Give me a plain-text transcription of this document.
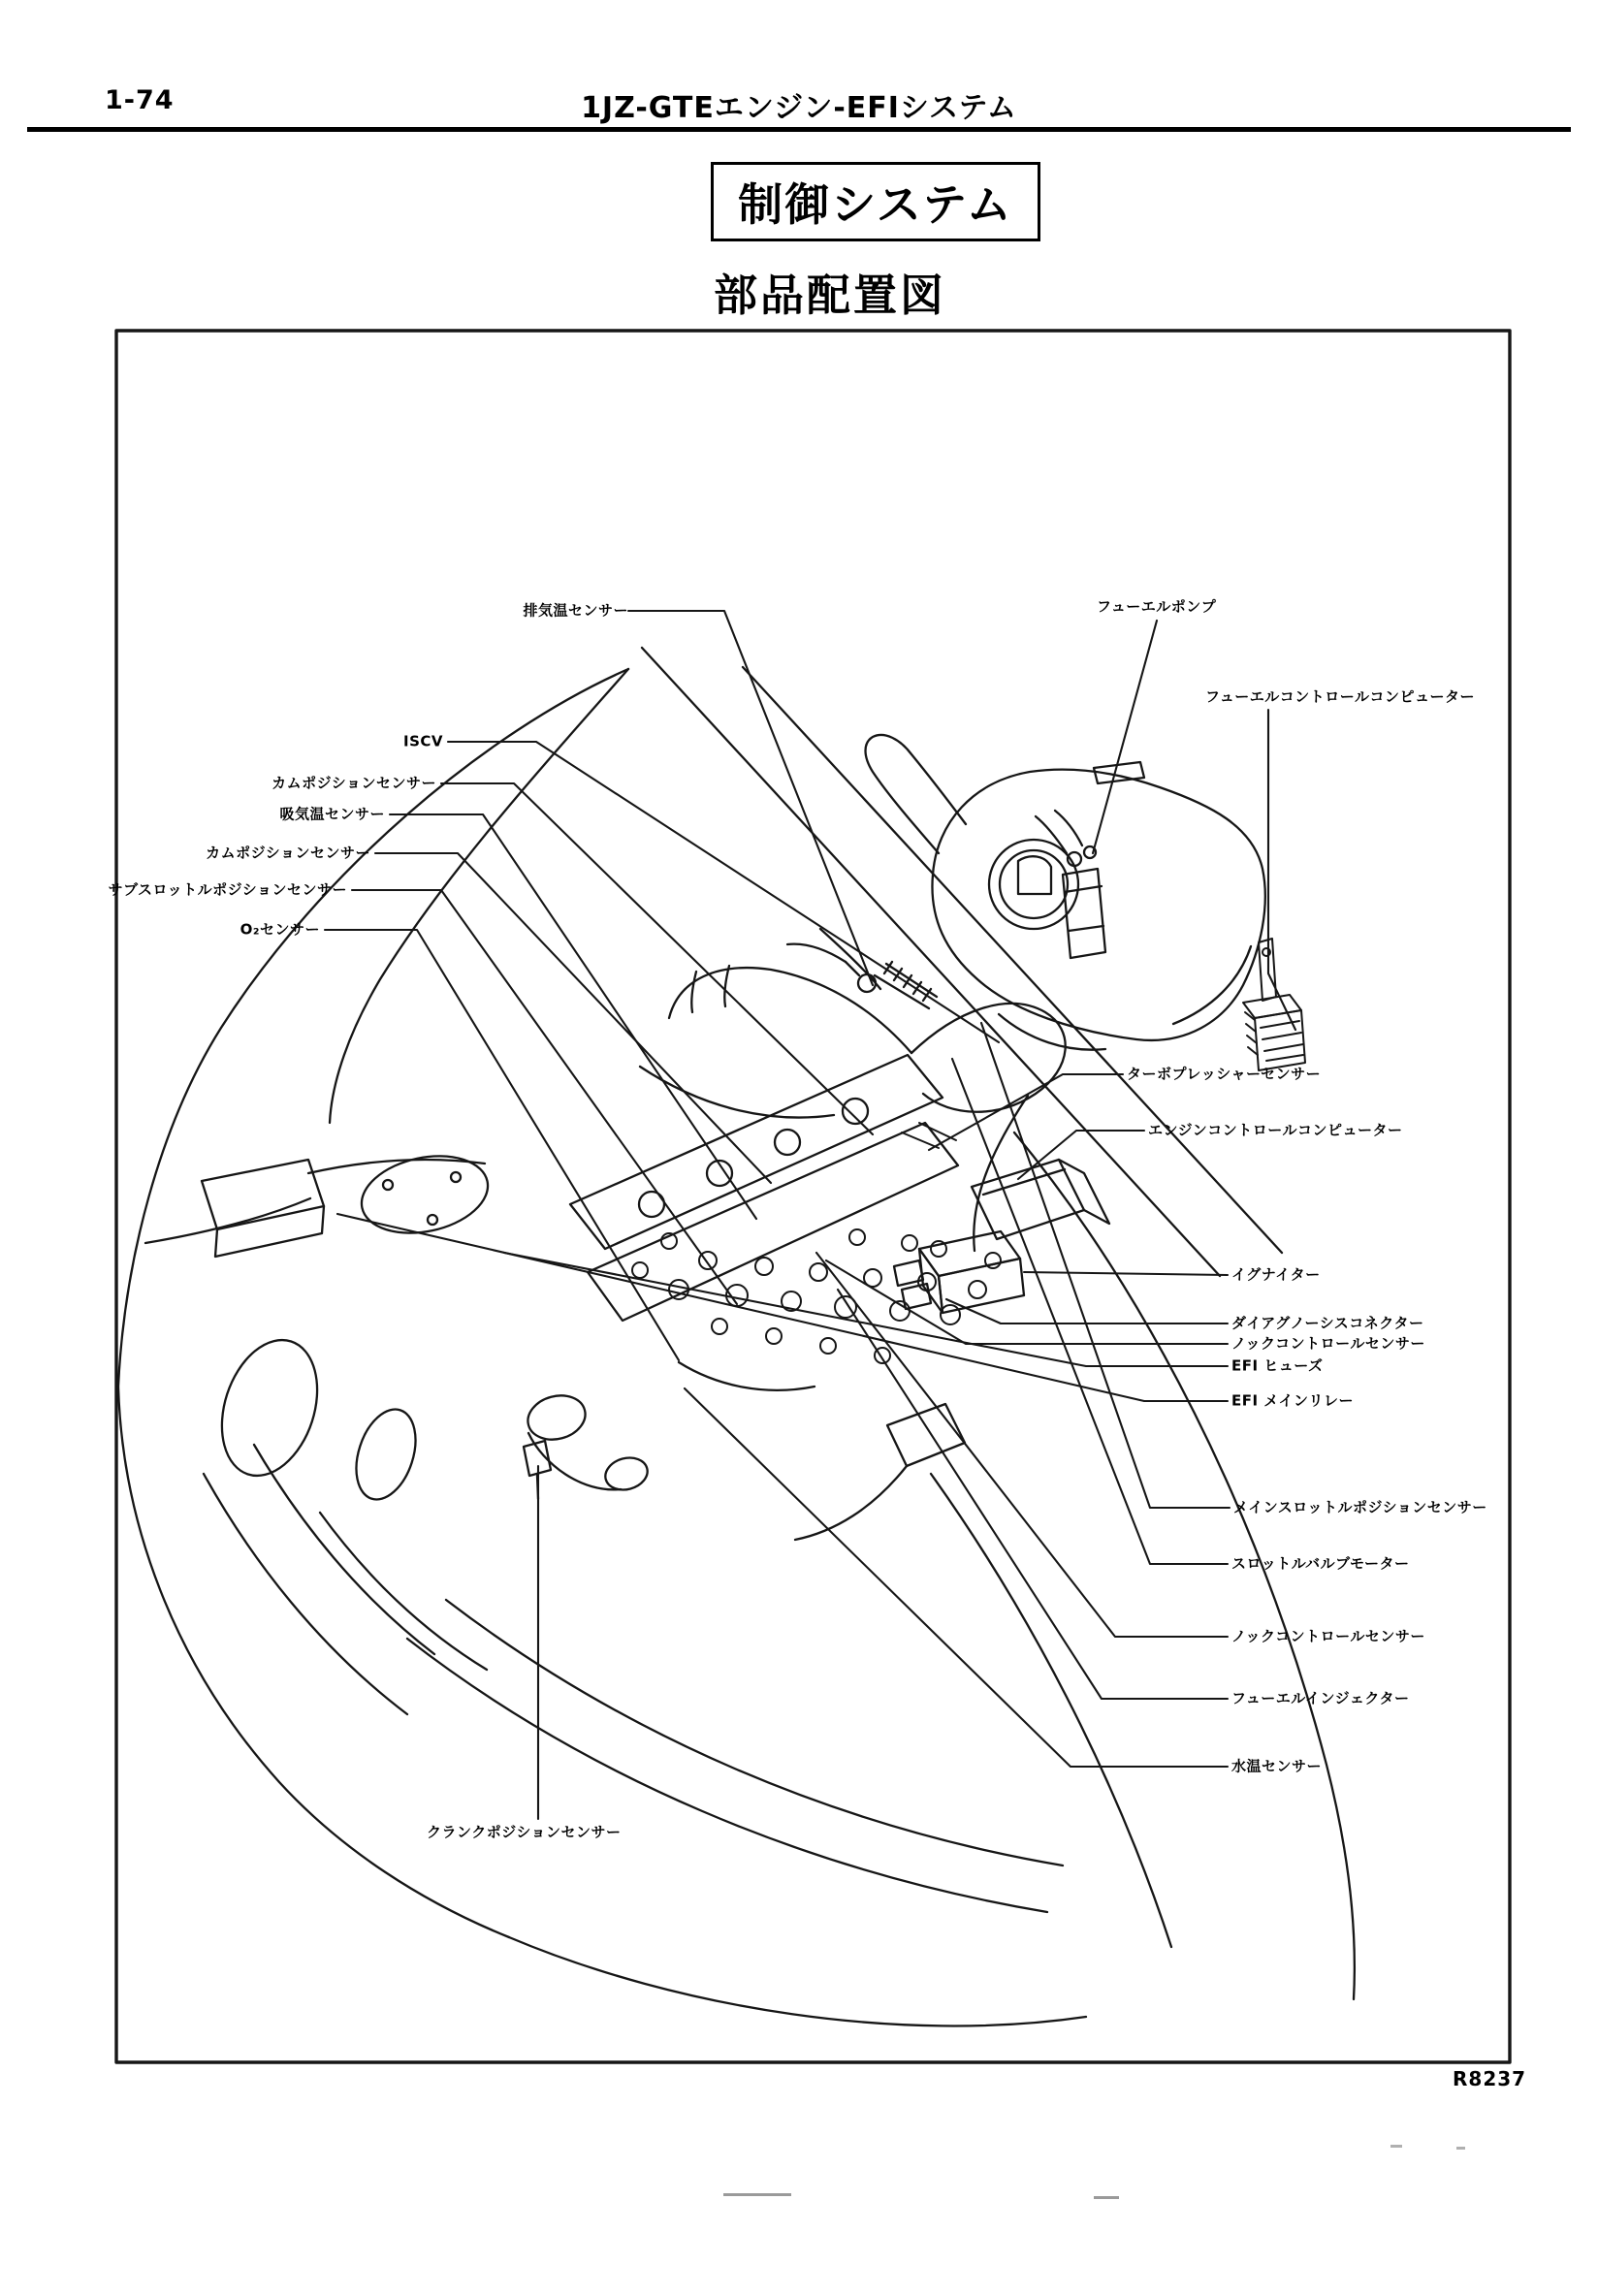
1-74	1JZ-GTEエンジン-EFIシステム
制御システム
部品配置図
排気温センサー
ISCV
カムポジションセンサー
吸気温センサー
カムポジションセンサー
サブスロットルポジションセンサー
O₂センサー
クランクポジションセンサー
フューエルポンプ
フューエルコントロールコンピューター
ターボプレッシャーセンサー
エンジンコントロールコンピューター
イグナイター
ダイアグノーシスコネクター
ノックコントロールセンサー
EFI ヒューズ
EFI メインリレー
メインスロットルポジションセンサー
スロットルバルブモーター
ノックコントロールセンサー
フューエルインジェクター
水温センサー
R8237
